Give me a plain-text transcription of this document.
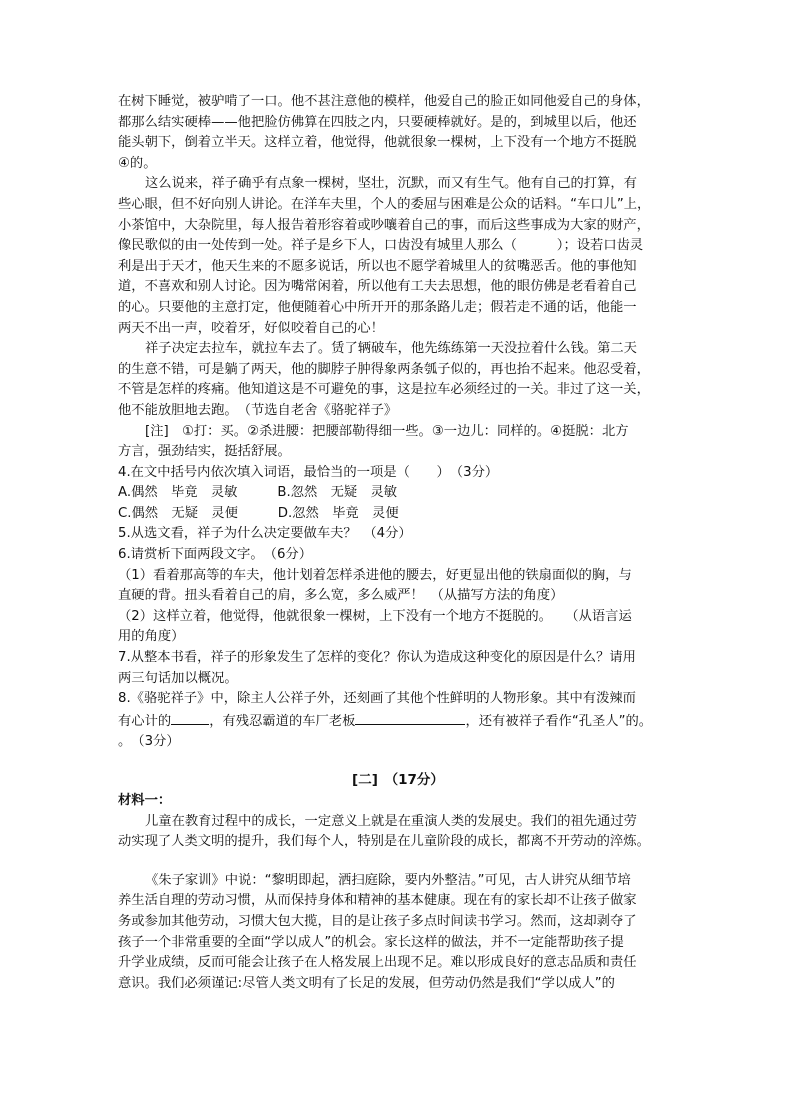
在树下睡觉，被驴啃了一口。他不甚注意他的模样，他爱自己的脸正如同他爱自己的身体，

都那么结实硬棒——他把脸仿佛算在四肢之内，只要硬棒就好。是的，到城里以后，他还

能头朝下，倒着立半天。这样立着，他觉得，他就很象一棵树，上下没有一个地方不挺脱

④的。

这么说来，祥子确乎有点象一棵树，坚壮，沉默，而又有生气。他有自己的打算，有

些心眼，但不好向别人讲论。在洋车夫里，个人的委屈与困难是公众的话料。“车口儿”上，

小茶馆中，大杂院里，每人报告着形容着或吵嚷着自己的事，而后这些事成为大家的财产，

像民歌似的由一处传到一处。祥子是乡下人，口齿没有城里人那么（　　　）；设若口齿灵

利是出于天才，他天生来的不愿多说话，所以也不愿学着城里人的贫嘴恶舌。他的事他知

道，不喜欢和别人讨论。因为嘴常闲着，所以他有工夫去思想，他的眼仿佛是老看着自己

的心。只要他的主意打定，他便随着心中所开开的那条路儿走；假若走不通的话，他能一

两天不出一声，咬着牙，好似咬着自己的心！

祥子决定去拉车，就拉车去了。赁了辆破车，他先练练第一天没拉着什么钱。第二天

的生意不错，可是躺了两天，他的脚脖子肿得象两条瓠子似的，再也抬不起来。他忍受着，

不管是怎样的疼痛。他知道这是不可避免的事，这是拉车必须经过的一关。非过了这一关，

他不能放胆地去跑。　（节选自老舍《骆驼祥子》

[注]　①打：买。②杀进腰：把腰部勒得细一些。③一边儿：同样的。④挺脱：北方

方言，强劲结实，挺括舒展。

4.在文中括号内依次填入词语，最恰当的一项是（　　）　（3分）

A.偶然　毕竟　灵敏　　　B.忽然　无疑　灵敏

C.偶然　无疑　灵便　　　D.忽然　毕竟　灵便

5.从选文看，祥子为什么决定要做车夫？　（4分）

6.请赏析下面两段文字。　（6分）

（1）看着那高等的车夫，他计划着怎样杀进他的腰去，好更显出他的铁扇面似的胸，与

直硬的背。扭头看着自己的肩，多么宽，多么威严！　（从描写方法的角度）

（2）这样立着，他觉得，他就很象一棵树，上下没有一个地方不挺脱的。　　（从语言运

用的角度）

7.从整本书看，祥子的形象发生了怎样的变化？你认为造成这种变化的原因是什么？请用

两三句话加以概况。

8.《骆驼祥子》中，除主人公祥子外，还刻画了其他个性鲜明的人物形象。其中有泼辣而

有心计的	，有残忍霸道的车厂老板	，还有被祥子看作“孔圣人”的。

。　（3分）

[二]　（17分）

材料一：

儿童在教育过程中的成长，一定意义上就是在重演人类的发展史。我们的祖先通过劳

动实现了人类文明的提升，我们每个人，特别是在儿童阶段的成长，都离不开劳动的淬炼。

《朱子家训》中说：“黎明即起，洒扫庭除，要内外整洁。”可见，古人讲究从细节培

养生活自理的劳动习惯，从而保持身体和精神的基本健康。现在有的家长却不让孩子做家

务或参加其他劳动，习惯大包大揽，目的是让孩子多点时间读书学习。然而，这却剥夺了

孩子一个非常重要的全面“学以成人”的机会。家长这样的做法，并不一定能帮助孩子提

升学业成绩，反而可能会让孩子在人格发展上出现不足。难以形成良好的意志品质和责任

意识。我们必须谨记:尽管人类文明有了长足的发展，但劳动仍然是我们“学以成人”的
